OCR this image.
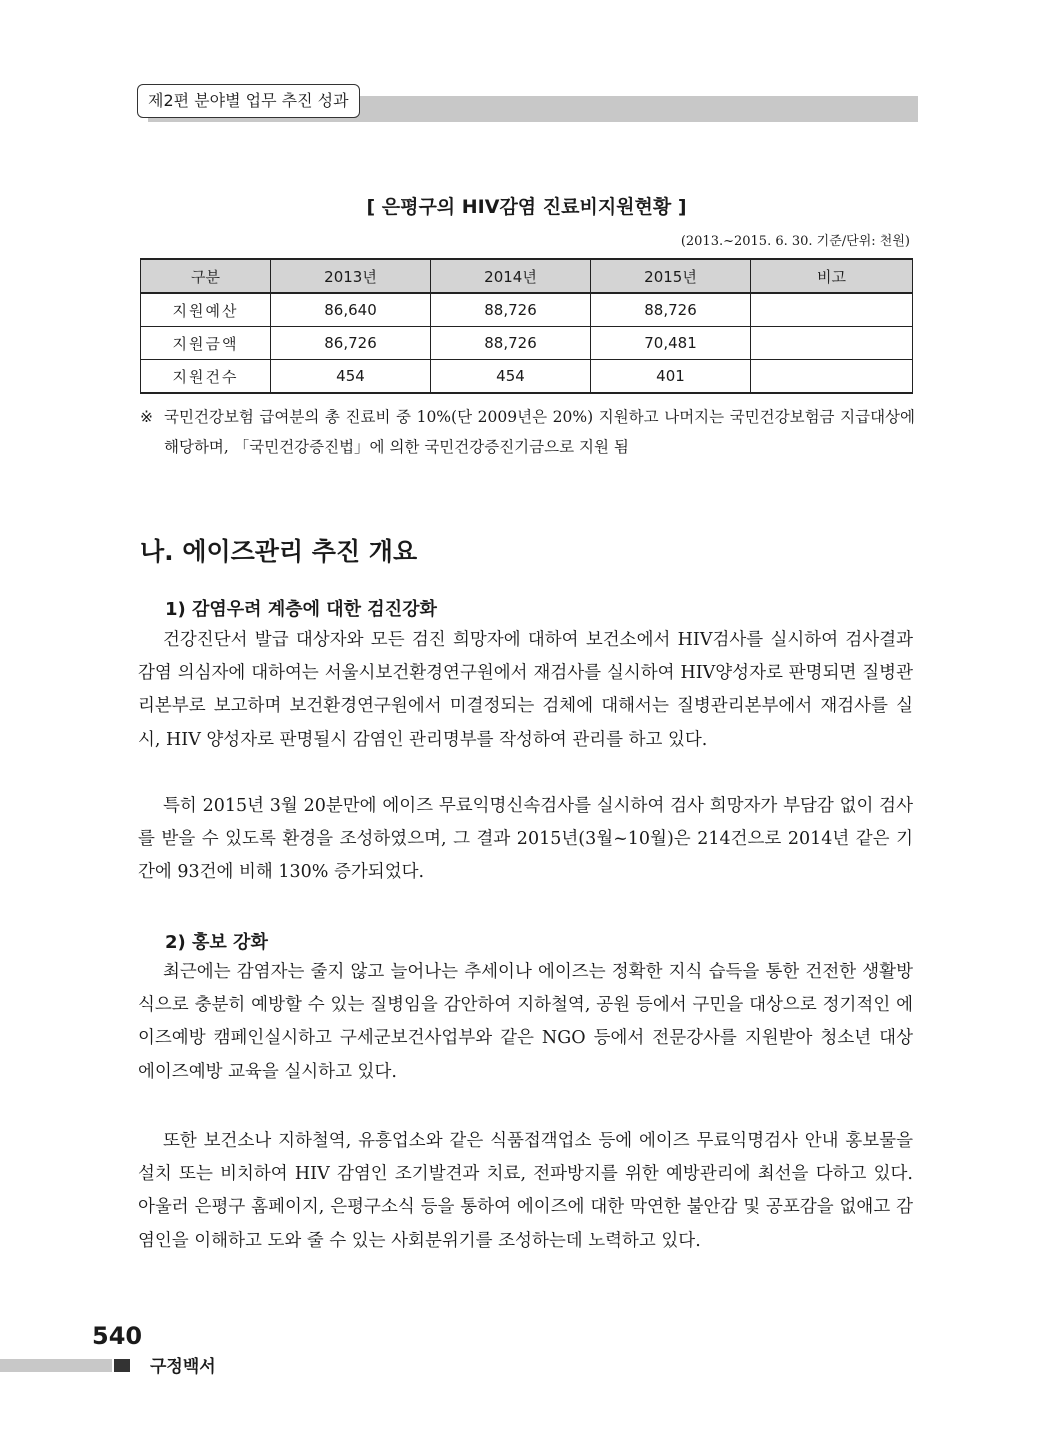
제2편 분야별 업무 추진 성과
[ 은평구의 HIV감염 진료비지원현황 ]
(2013.~2015. 6. 30. 기준/단위: 천원)
구분	2013년	2014년	2015년	비고
지원예산	86,640	88,726	88,726	
지원금액	86,726	88,726	70,481	
지원건수	454	454	401	
※ 국민건강보험 급여분의 총 진료비 중 10%(단 2009년은 20%) 지원하고 나머지는 국민건강보험금 지급대상에 해당하며, 「국민건강증진법」에 의한 국민건강증진기금으로 지원 됨
나. 에이즈관리 추진 개요
1) 감염우려 계층에 대한 검진강화
건강진단서 발급 대상자와 모든 검진 희망자에 대하여 보건소에서 HIV검사를 실시하여 검사결과 감염 의심자에 대하여는 서울시보건환경연구원에서 재검사를 실시하여 HIV양성자로 판명되면 질병관리본부로 보고하며 보건환경연구원에서 미결정되는 검체에 대해서는 질병관리본부에서 재검사를 실시, HIV 양성자로 판명될시 감염인 관리명부를 작성하여 관리를 하고 있다.
특히 2015년 3월 20분만에 에이즈 무료익명신속검사를 실시하여 검사 희망자가 부담감 없이 검사를 받을 수 있도록 환경을 조성하였으며, 그 결과 2015년(3월~10월)은 214건으로 2014년 같은 기간에 93건에 비해 130% 증가되었다.
2) 홍보 강화
최근에는 감염자는 줄지 않고 늘어나는 추세이나 에이즈는 정확한 지식 습득을 통한 건전한 생활방식으로 충분히 예방할 수 있는 질병임을 감안하여 지하철역, 공원 등에서 구민을 대상으로 정기적인 에이즈예방 캠페인실시하고 구세군보건사업부와 같은 NGO 등에서 전문강사를 지원받아 청소년 대상 에이즈예방 교육을 실시하고 있다.
또한 보건소나 지하철역, 유흥업소와 같은 식품접객업소 등에 에이즈 무료익명검사 안내 홍보물을 설치 또는 비치하여 HIV 감염인 조기발견과 치료, 전파방지를 위한 예방관리에 최선을 다하고 있다. 아울러 은평구 홈페이지, 은평구소식 등을 통하여 에이즈에 대한 막연한 불안감 및 공포감을 없애고 감염인을 이해하고 도와 줄 수 있는 사회분위기를 조성하는데 노력하고 있다.
540
구정백서
